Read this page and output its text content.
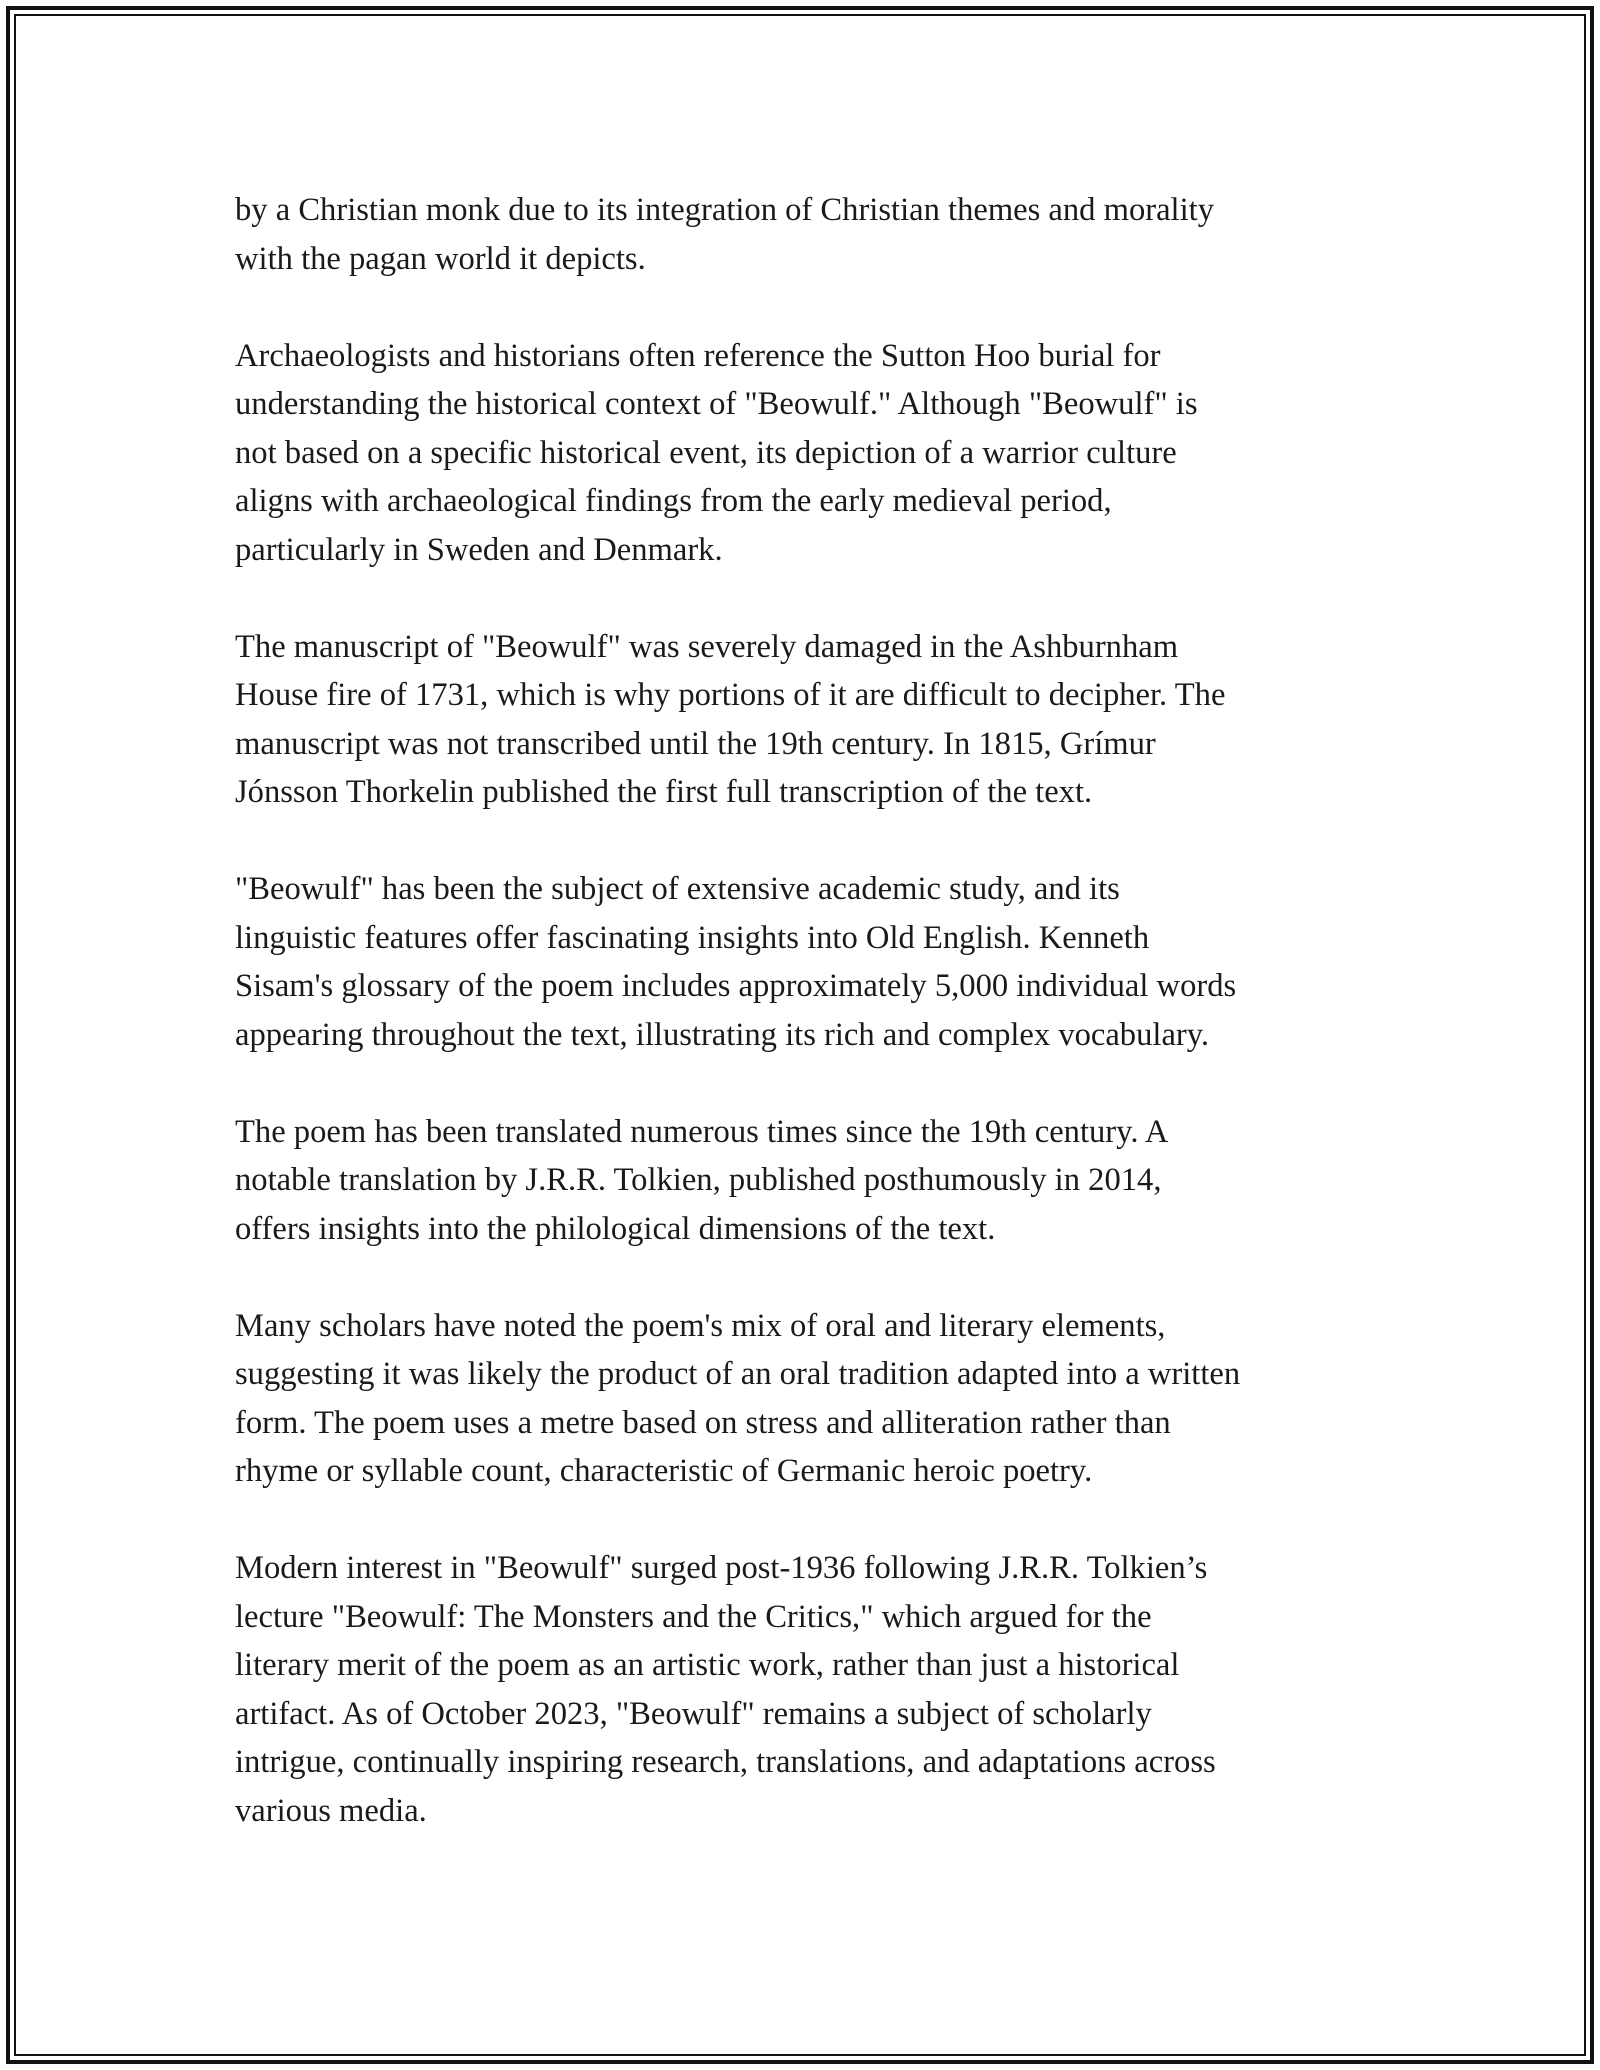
by a Christian monk due to its integration of Christian themes and morality
with the pagan world it depicts.

Archaeologists and historians often reference the Sutton Hoo burial for
understanding the historical context of "Beowulf." Although "Beowulf" is
not based on a specific historical event, its depiction of a warrior culture
aligns with archaeological findings from the early medieval period,
particularly in Sweden and Denmark.

The manuscript of "Beowulf" was severely damaged in the Ashburnham
House fire of 1731, which is why portions of it are difficult to decipher. The
manuscript was not transcribed until the 19th century. In 1815, Grímur
Jónsson Thorkelin published the first full transcription of the text.

"Beowulf" has been the subject of extensive academic study, and its
linguistic features offer fascinating insights into Old English. Kenneth
Sisam's glossary of the poem includes approximately 5,000 individual words
appearing throughout the text, illustrating its rich and complex vocabulary.

The poem has been translated numerous times since the 19th century. A
notable translation by J.R.R. Tolkien, published posthumously in 2014,
offers insights into the philological dimensions of the text.

Many scholars have noted the poem's mix of oral and literary elements,
suggesting it was likely the product of an oral tradition adapted into a written
form. The poem uses a metre based on stress and alliteration rather than
rhyme or syllable count, characteristic of Germanic heroic poetry.

Modern interest in "Beowulf" surged post-1936 following J.R.R. Tolkien’s
lecture "Beowulf: The Monsters and the Critics," which argued for the
literary merit of the poem as an artistic work, rather than just a historical
artifact. As of October 2023, "Beowulf" remains a subject of scholarly
intrigue, continually inspiring research, translations, and adaptations across
various media.
